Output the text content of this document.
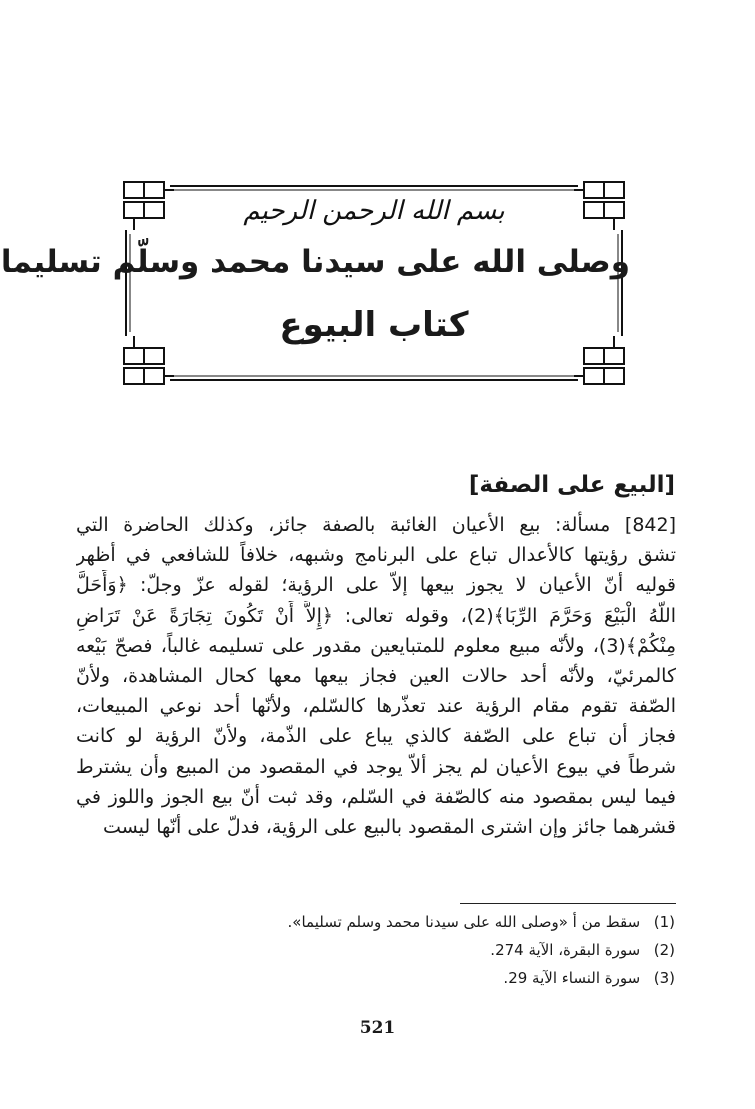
بسم الله الرحمن الرحيم
وصلى الله على سيدنا محمد وسلّم تسليما
كتاب البيوع
[البيع على الصفة]
[842] مسألة: بيع الأعيان الغائبة بالصفة جائز، وكذلك الحاضرة التي
تشق رؤيتها كالأعدال تباع على البرنامج وشبهه، خلافاً للشافعي في أظهر
قوليه أنّ الأعيان لا يجوز بيعها إلاّ على الرؤية؛ لقوله عزّ وجلّ: ﴿وَأَحَلَّ
اللَّهُ الْبَيْعَ وَحَرَّمَ الرِّبَا﴾(2)، وقوله تعالى: ﴿إِلاَّ أَنْ تَكُونَ تِجَارَةً عَنْ تَرَاضٍ
مِنْكُمْ﴾(3)، ولأنّه مبيع معلوم للمتبايعين مقدور على تسليمه غالباً، فصحّ بَيْعه
كالمرئيّ، ولأنّه أحد حالات العين فجاز بيعها معها كحال المشاهدة، ولأنّ
الصّفة تقوم مقام الرؤية عند تعذّرها كالسّلم، ولأنّها أحد نوعي المبيعات،
فجاز أن تباع على الصّفة كالذي يباع على الذّمة، ولأنّ الرؤية لو كانت
شرطاً في بيوع الأعيان لم يجز ألاّ يوجد في المقصود من المبيع وأن يشترط
فيما ليس بمقصود منه كالصّفة في السّلم، وقد ثبت أنّ بيع الجوز واللوز في
قشرهما جائز وإن اشترى المقصود بالبيع على الرؤية، فدلّ على أنّها ليست
(1) سقط من أ «وصلى الله على سيدنا محمد وسلم تسليما».
(2) سورة البقرة، الآية 274.
(3) سورة النساء الآية 29.
521
